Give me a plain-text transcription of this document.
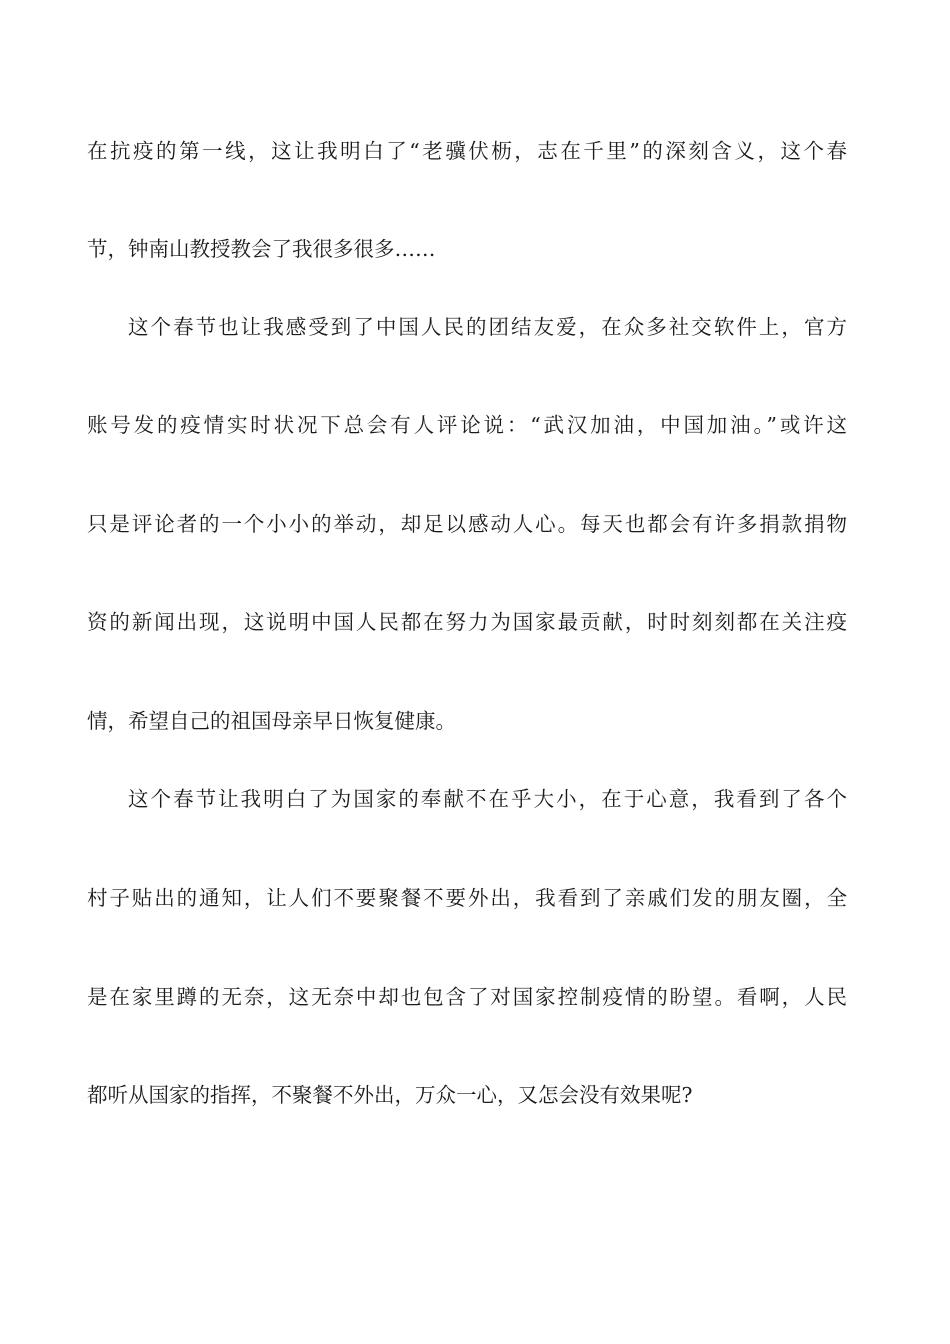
在抗疫的第一线，这让我明白了“老骥伏枥，志在千里”的深刻含义，这个春
节，钟南山教授教会了我很多很多……
这个春节也让我感受到了中国人民的团结友爱，在众多社交软件上，官方
账号发的疫情实时状况下总会有人评论说：“武汉加油，中国加油。”或许这
只是评论者的一个小小的举动，却足以感动人心。每天也都会有许多捐款捐物
资的新闻出现，这说明中国人民都在努力为国家最贡献，时时刻刻都在关注疫
情，希望自己的祖国母亲早日恢复健康。
这个春节让我明白了为国家的奉献不在乎大小，在于心意，我看到了各个
村子贴出的通知，让人们不要聚餐不要外出，我看到了亲戚们发的朋友圈，全
是在家里蹲的无奈，这无奈中却也包含了对国家控制疫情的盼望。看啊，人民
都听从国家的指挥，不聚餐不外出，万众一心，又怎会没有效果呢?
